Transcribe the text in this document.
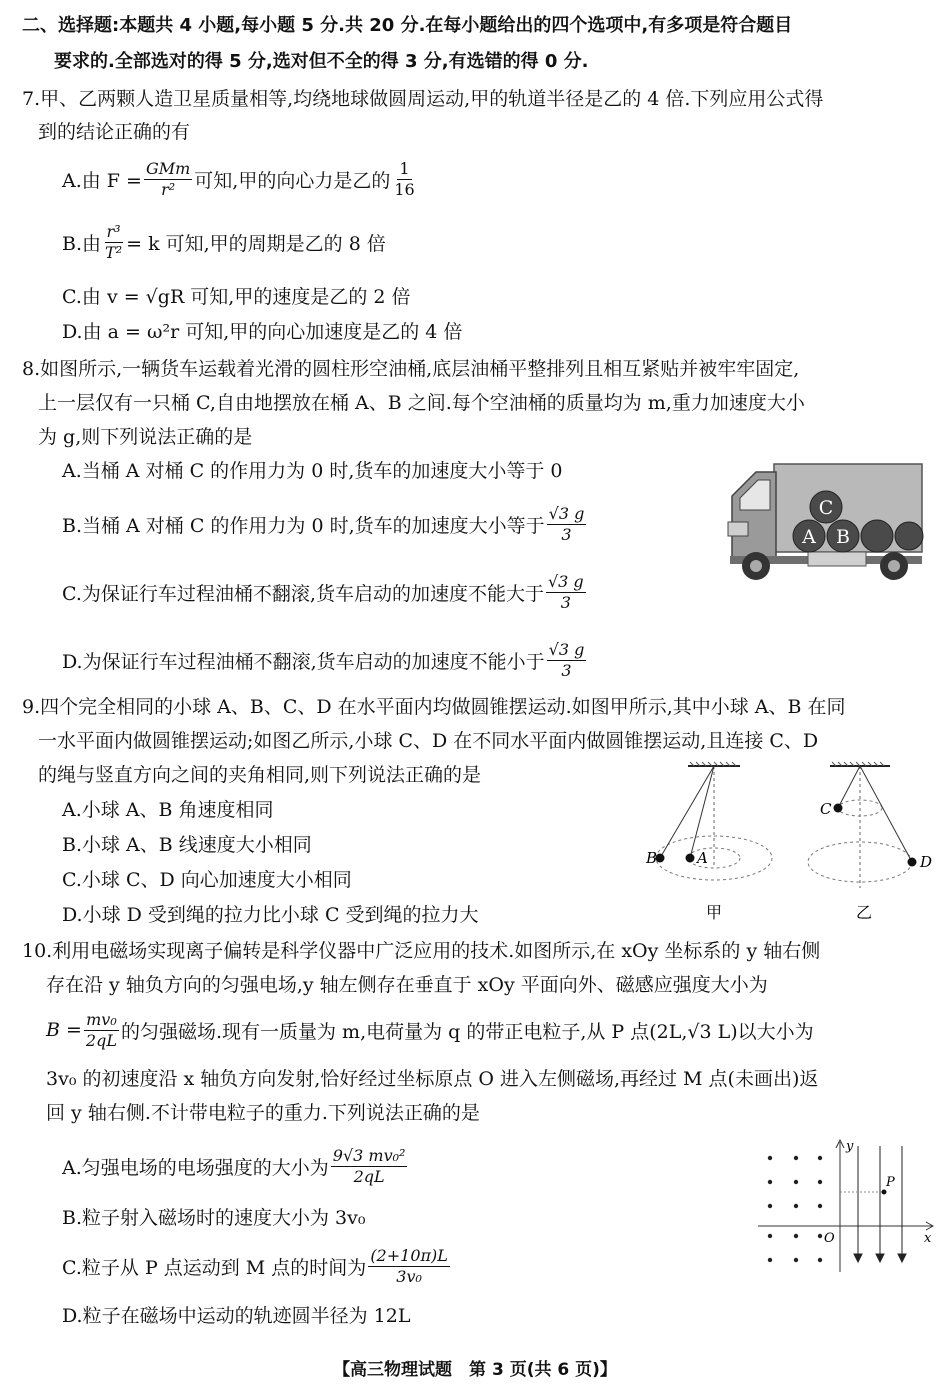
二、选择题:本题共 4 小题,每小题 5 分.共 20 分.在每小题给出的四个选项中,有多项是符合题目
要求的.全部选对的得 5 分,选对但不全的得 3 分,有选错的得 0 分.
7.甲、乙两颗人造卫星质量相等,均绕地球做圆周运动,甲的轨道半径是乙的 4 倍.下列应用公式得
到的结论正确的有
A.由 $F = \frac{\text{GMm}}{\text{r²}}$ 可知,甲的向心力是乙的 $\frac{1}{16}$
B.由 $\frac{\text{r³}}{\text{T²}} = k$ 可知,甲的周期是乙的 8 倍
C.由 v = √gR 可知,甲的速度是乙的 2 倍
D.由 a = ω²r 可知,甲的向心加速度是乙的 4 倍
8.如图所示,一辆货车运载着光滑的圆柱形空油桶,底层油桶平整排列且相互紧贴并被牢牢固定,
上一层仅有一只桶 C,自由地摆放在桶 A、B 之间.每个空油桶的质量均为 m,重力加速度大小
为 g,则下列说法正确的是
A.当桶 A 对桶 C 的作用力为 0 时,货车的加速度大小等于 0
B.当桶 A 对桶 C 的作用力为 0 时,货车的加速度大小等于 $\frac{√3 g}{3}$
C.为保证行车过程油桶不翻滚,货车启动的加速度不能大于 $\frac{√3 g}{3}$
D.为保证行车过程油桶不翻滚,货车启动的加速度不能小于 $\frac{√3 g}{3}$
C
A B
9.四个完全相同的小球 A、B、C、D 在水平面内均做圆锥摆运动.如图甲所示,其中小球 A、B 在同
一水平面内做圆锥摆运动;如图乙所示,小球 C、D 在不同水平面内做圆锥摆运动,且连接 C、D
的绳与竖直方向之间的夹角相同,则下列说法正确的是
A.小球 A、B 角速度相同
B.小球 A、B 线速度大小相同
C.小球 C、D 向心加速度大小相同
D.小球 D 受到绳的拉力比小球 C 受到绳的拉力大
B	A
甲
C
D
乙
10.利用电磁场实现离子偏转是科学仪器中广泛应用的技术.如图所示,在 xOy 坐标系的 y 轴右侧
存在沿 y 轴负方向的匀强电场,y 轴左侧存在垂直于 xOy 平面向外、磁感应强度大小为
$B = \frac{\text{mv₀}}{2qL}$ 的匀强磁场.现有一质量为 m,电荷量为 q 的带正电粒子,从 P 点(2L,√3 L)以大小为
3v₀ 的初速度沿 x 轴负方向发射,恰好经过坐标原点 O 进入左侧磁场,再经过 M 点(未画出)返
回 y 轴右侧.不计带电粒子的重力.下列说法正确的是
A.匀强电场的电场强度的大小为 $\frac{\text{9√3 mv₀²}}{2qL}$
B.粒子射入磁场时的速度大小为 3v₀
C.粒子从 P 点运动到 M 点的时间为 $\frac{(2+10\pi)L}{\text{3v₀}}$
D.粒子在磁场中运动的轨迹圆半径为 12L
y
x
O
P
【高三物理试题　第 3 页(共 6 页)】
